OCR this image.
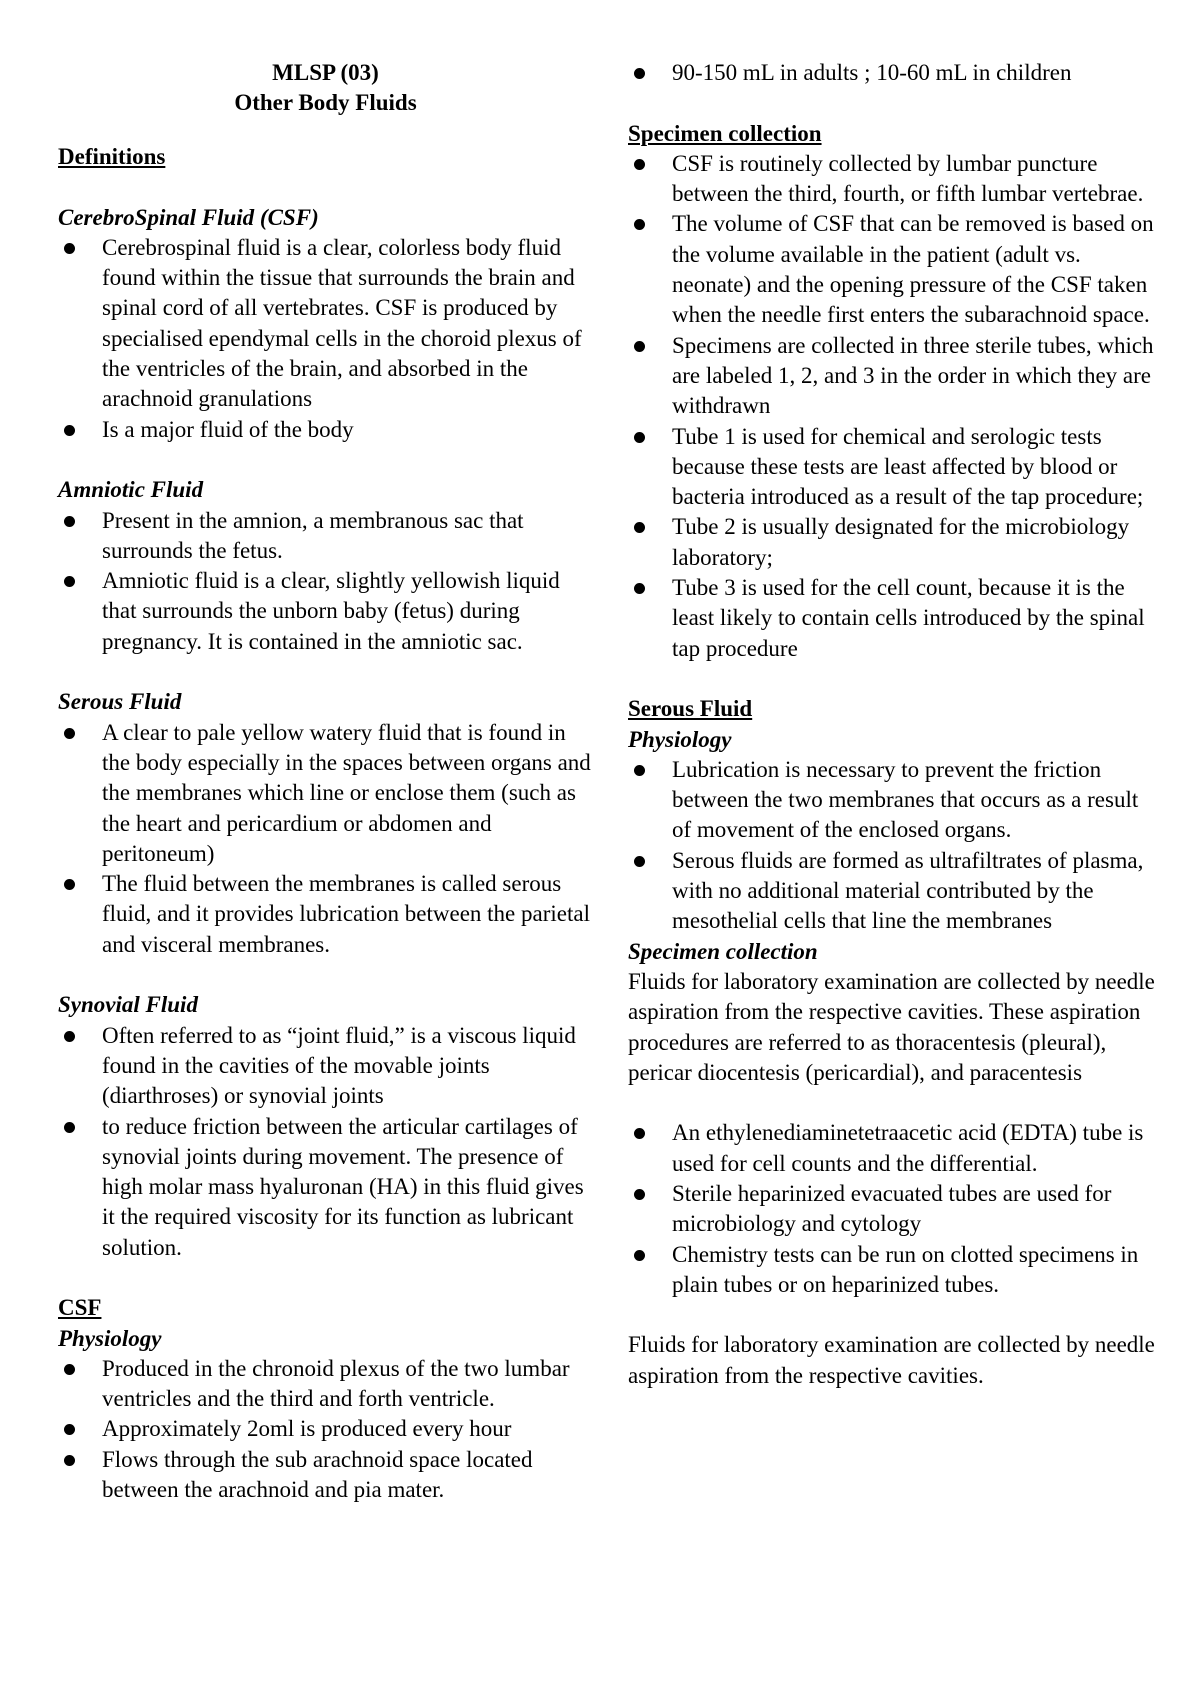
MLSP (03)
Other Body Fluids
Definitions
CerebroSpinal Fluid (CSF)
Cerebrospinal fluid is a clear, colorless body fluid found within the tissue that surrounds the brain and spinal cord of all vertebrates. CSF is produced by specialised ependymal cells in the choroid plexus of the ventricles of the brain, and absorbed in the arachnoid granulations
Is a major fluid of the body
Amniotic Fluid
Present in the amnion, a membranous sac that surrounds the fetus.
Amniotic fluid is a clear, slightly yellowish liquid that surrounds the unborn baby (fetus) during pregnancy. It is contained in the amniotic sac.
Serous Fluid
A clear to pale yellow watery fluid that is found in the body especially in the spaces between organs and the membranes which line or enclose them (such as the heart and pericardium or abdomen and peritoneum)
The fluid between the membranes is called serous fluid, and it provides lubrication between the parietal and visceral membranes.
Synovial Fluid
Often referred to as “joint fluid,” is a viscous liquid found in the cavities of the movable joints (diarthroses) or synovial joints
to reduce friction between the articular cartilages of synovial joints during movement. The presence of high molar mass hyaluronan (HA) in this fluid gives it the required viscosity for its function as lubricant solution.
CSF
Physiology
Produced in the chronoid plexus of the two lumbar ventricles and the third and forth ventricle.
Approximately 2oml is produced every hour
Flows through the sub arachnoid space located between the arachnoid and pia mater.
90-150 mL in adults ; 10-60 mL in children
Specimen collection
CSF is routinely collected by lumbar puncture between the third, fourth, or fifth lumbar vertebrae.
The volume of CSF that can be removed is based on the volume available in the patient (adult vs. neonate) and the opening pressure of the CSF taken when the needle first enters the subarachnoid space.
Specimens are collected in three sterile tubes, which are labeled 1, 2, and 3 in the order in which they are withdrawn
Tube 1 is used for chemical and serologic tests because these tests are least affected by blood or bacteria introduced as a result of the tap procedure;
Tube 2 is usually designated for the microbiology laboratory;
Tube 3 is used for the cell count, because it is the least likely to contain cells introduced by the spinal tap procedure
Serous Fluid
Physiology
Lubrication is necessary to prevent the friction between the two membranes that occurs as a result of movement of the enclosed organs.
Serous fluids are formed as ultrafiltrates of plasma, with no additional material contributed by the mesothelial cells that line the membranes
Specimen collection
Fluids for laboratory examination are collected by needle aspiration from the respective cavities. These aspiration procedures are referred to as thoracentesis (pleural), pericar diocentesis (pericardial), and paracentesis
An ethylenediaminetetraacetic acid (EDTA) tube is used for cell counts and the differential.
Sterile heparinized evacuated tubes are used for microbiology and cytology
Chemistry tests can be run on clotted specimens in plain tubes or on heparinized tubes.
Fluids for laboratory examination are collected by needle aspiration from the respective cavities.
